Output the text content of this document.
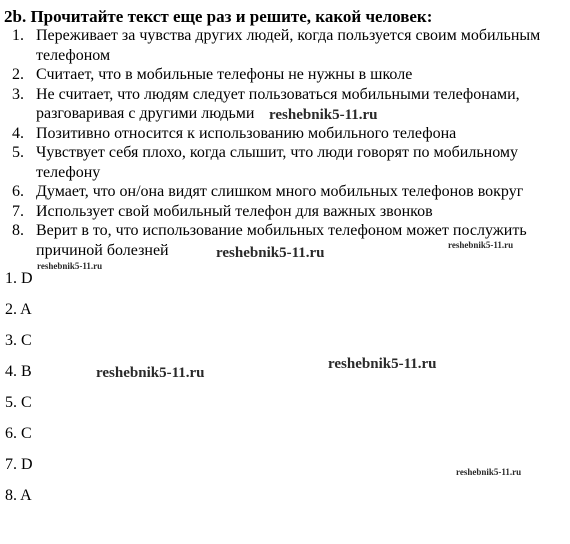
2b. Прочитайте текст еще раз и решите, какой человек:
1. Переживает за чувства других людей, когда пользуется своим мобильным телефоном
2. Считает, что в мобильные телефоны не нужны в школе
3. Не считает, что людям следует пользоваться мобильными телефонами, разговаривая с другими людьми
4. Позитивно относится к использованию мобильного телефона
5. Чувствует себя плохо, когда слышит, что люди говорят по мобильному телефону
6. Думает, что он/она видят слишком много мобильных телефонов вокруг
7. Использует свой мобильный телефон для важных звонков
8. Верит в то, что использование мобильных телефоном может послужить причиной болезней
1. D
2. A
3. C
4. B
5. C
6. C
7. D
8. A
reshebnik5-11.ru
reshebnik5-11.ru	reshebnik5-11.ru
reshebnik5-11.ru
reshebnik5-11.ru
reshebnik5-11.ru
reshebnik5-11.ru
